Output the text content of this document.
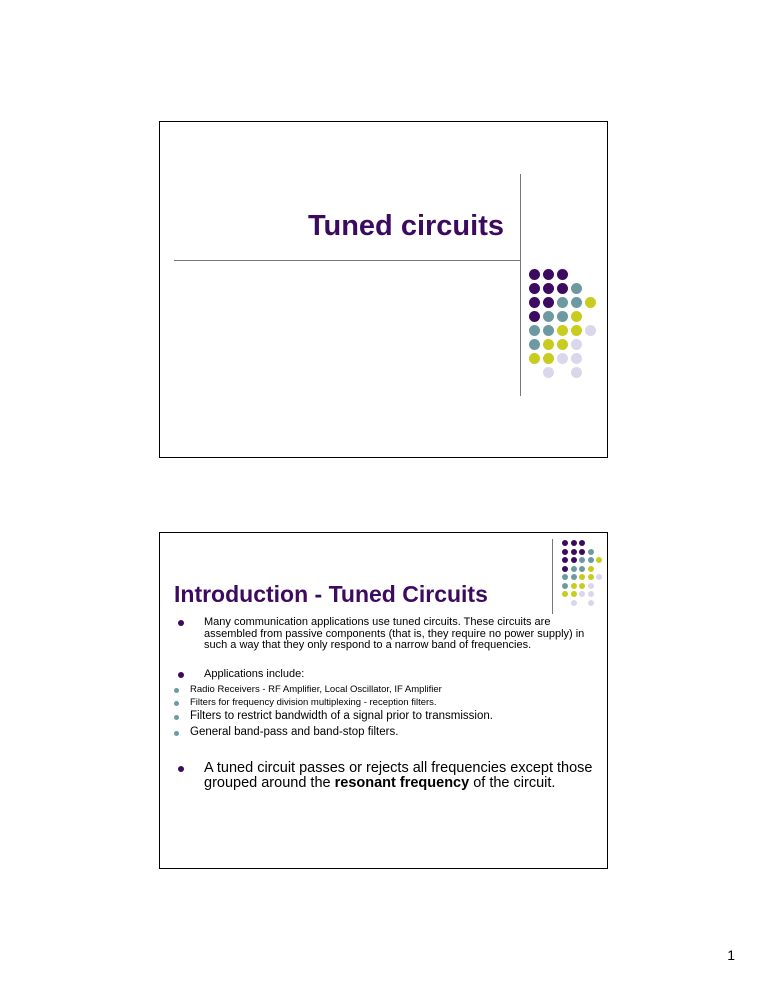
Tuned circuits
Introduction - Tuned Circuits
Many communication applications use tuned circuits. These circuits are assembled from passive components (that is, they require no power supply) in such a way that they only respond to a narrow band of frequencies.
Applications include:
Radio Receivers - RF Amplifier, Local Oscillator, IF Amplifier
Filters for frequency division multiplexing - reception filters.
Filters to restrict bandwidth of a signal prior to transmission.
General band-pass and band-stop filters.
A tuned circuit passes or rejects all frequencies except those grouped around the resonant frequency of the circuit.
1
